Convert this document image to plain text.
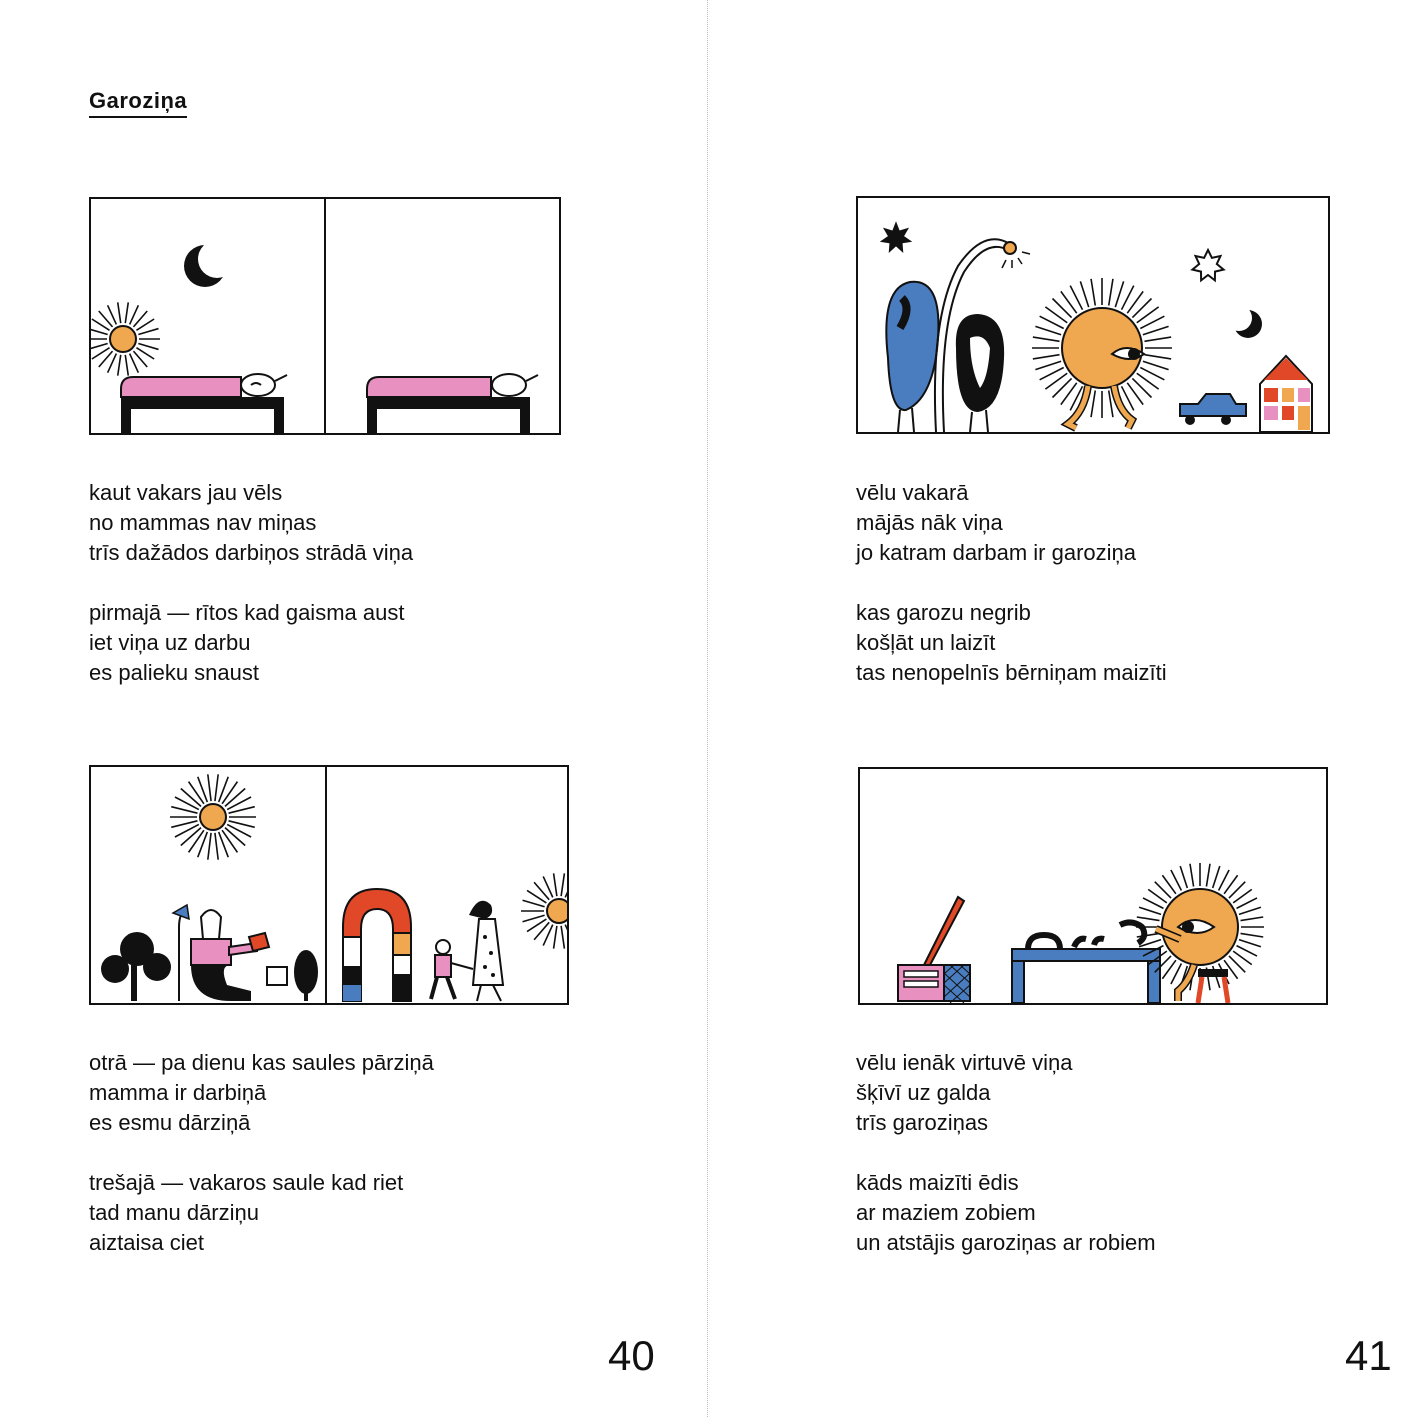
Garoziņa
kaut vakars jau vēls
no mammas nav miņas
trīs dažādos darbiņos strādā viņa
pirmajā — rītos kad gaisma aust
iet viņa uz darbu
es palieku snaust
otrā — pa dienu kas saules pārziņā
mamma ir darbiņā
es esmu dārziņā
trešajā — vakaros saule kad riet
tad manu dārziņu
aiztaisa ciet
40
vēlu vakarā
mājās nāk viņa
jo katram darbam ir garoziņa
kas garozu negrib
košļāt un laizīt
tas nenopelnīs bērniņam maizīti
vēlu ienāk virtuvē viņa
šķīvī uz galda
trīs garoziņas
kāds maizīti ēdis
ar maziem zobiem
un atstājis garoziņas ar robiem
41
